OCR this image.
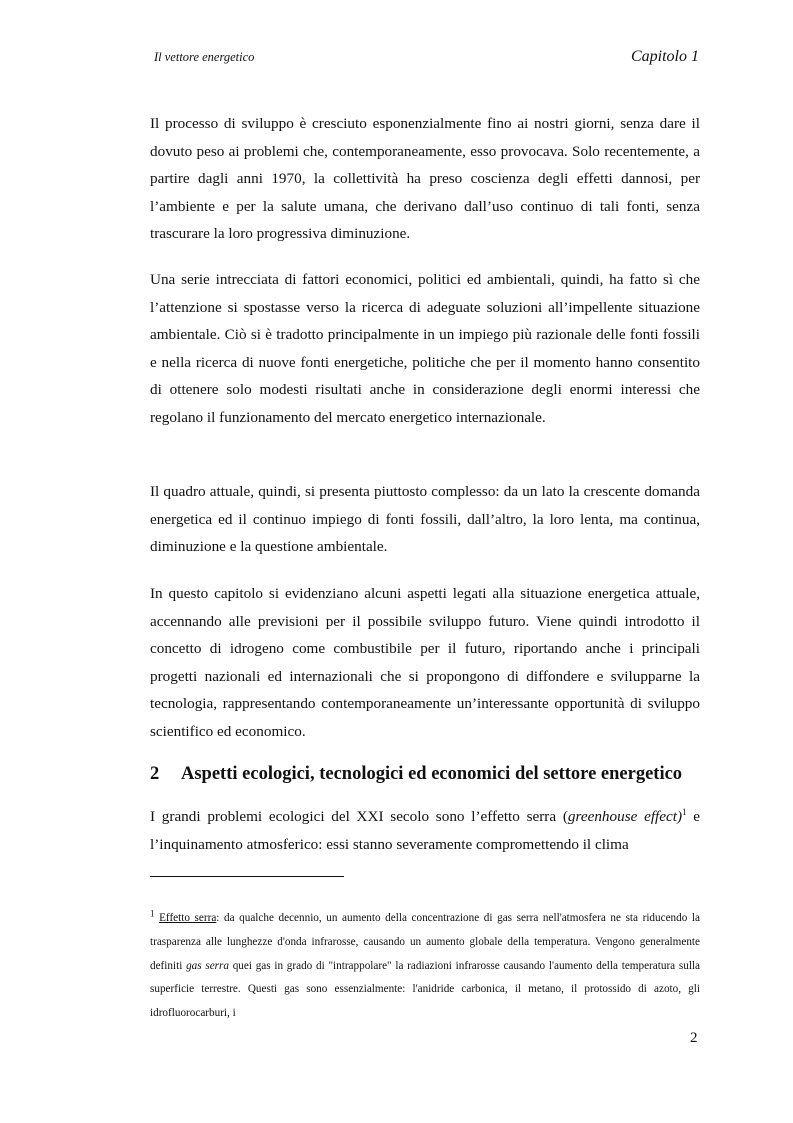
Il vettore energetico	Capitolo 1

Il processo di sviluppo è cresciuto esponenzialmente fino ai nostri giorni, senza dare il dovuto peso ai problemi che, contemporaneamente, esso provocava. Solo recentemente, a partire dagli anni 1970, la collettività ha preso coscienza degli effetti dannosi, per l’ambiente e per la salute umana, che derivano dall’uso continuo di tali fonti, senza trascurare la loro progressiva diminuzione.

Una serie intrecciata di fattori economici, politici ed ambientali, quindi, ha fatto sì che l’attenzione si spostasse verso la ricerca di adeguate soluzioni all’impellente situazione ambientale. Ciò si è tradotto principalmente in un impiego più razionale delle fonti fossili e nella ricerca di nuove fonti energetiche, politiche che per il momento hanno consentito di ottenere solo modesti risultati anche in considerazione degli enormi interessi che regolano il funzionamento del mercato energetico internazionale.

Il quadro attuale, quindi, si presenta piuttosto complesso: da un lato la crescente domanda energetica ed il continuo impiego di fonti fossili, dall’altro, la loro lenta, ma continua, diminuzione e la questione ambientale.

In questo capitolo si evidenziano alcuni aspetti legati alla situazione energetica attuale, accennando alle previsioni per il possibile sviluppo futuro. Viene quindi introdotto il concetto di idrogeno come combustibile per il futuro, riportando anche i principali progetti nazionali ed internazionali che si propongono di diffondere e svilupparne la tecnologia, rappresentando contemporaneamente un’interessante opportunità di sviluppo scientifico ed economico.

2 Aspetti ecologici, tecnologici ed economici del settore energetico

I grandi problemi ecologici del XXI secolo sono l’effetto serra (greenhouse effect)$^1$ e l’inquinamento atmosferico: essi stanno severamente compromettendo il clima

$^1$ Effetto serra: da qualche decennio, un aumento della concentrazione di gas serra nell'atmosfera ne sta riducendo la trasparenza alle lunghezze d'onda infrarosse, causando un aumento globale della temperatura. Vengono generalmente definiti gas serra quei gas in grado di "intrappolare" la radiazioni infrarosse causando l'aumento della temperatura sulla superficie terrestre. Questi gas sono essenzialmente: l'anidride carbonica, il metano, il protossido di azoto, gli idrofluorocarburi, i

2
